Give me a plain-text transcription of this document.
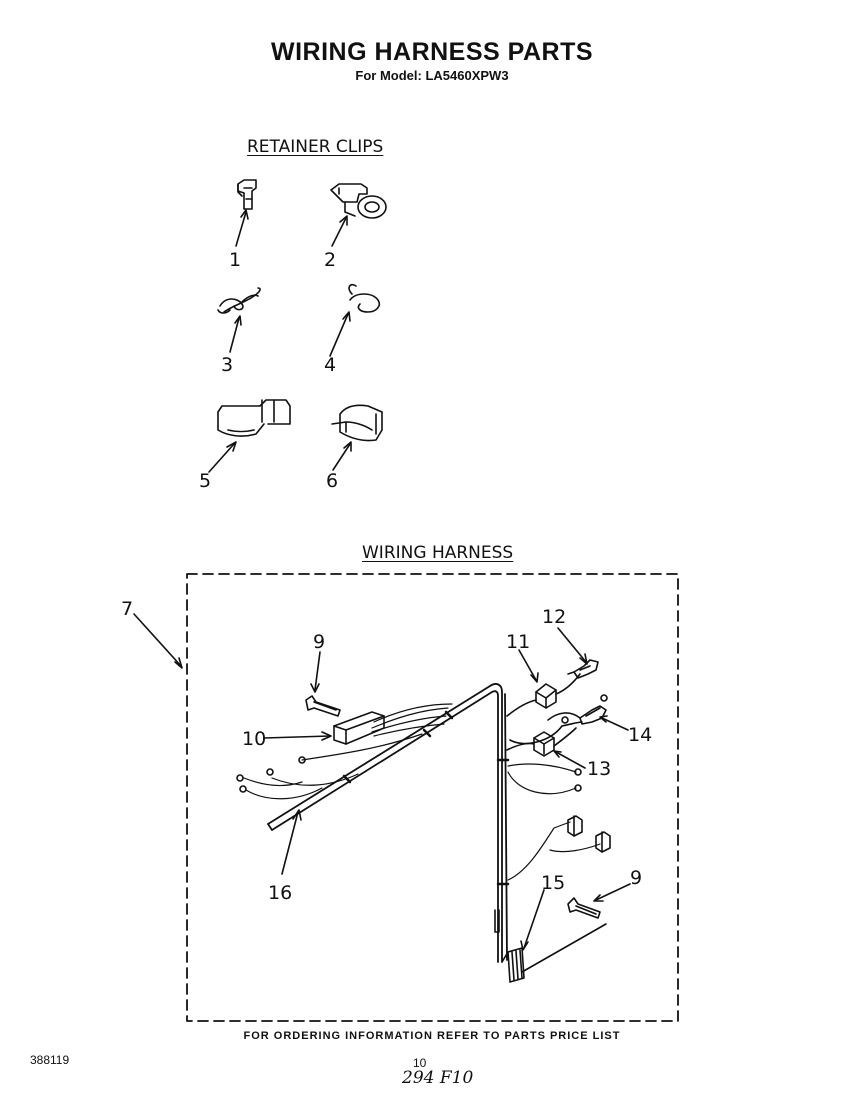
WIRING HARNESS PARTS
For Model: LA5460XPW3
RETAINER CLIPS
WIRING HARNESS
1	2
3	4
5	6
7
9
10
11
12
13
14
15	9
16
FOR ORDERING INFORMATION REFER TO PARTS PRICE LIST
388119	10
294 F10
